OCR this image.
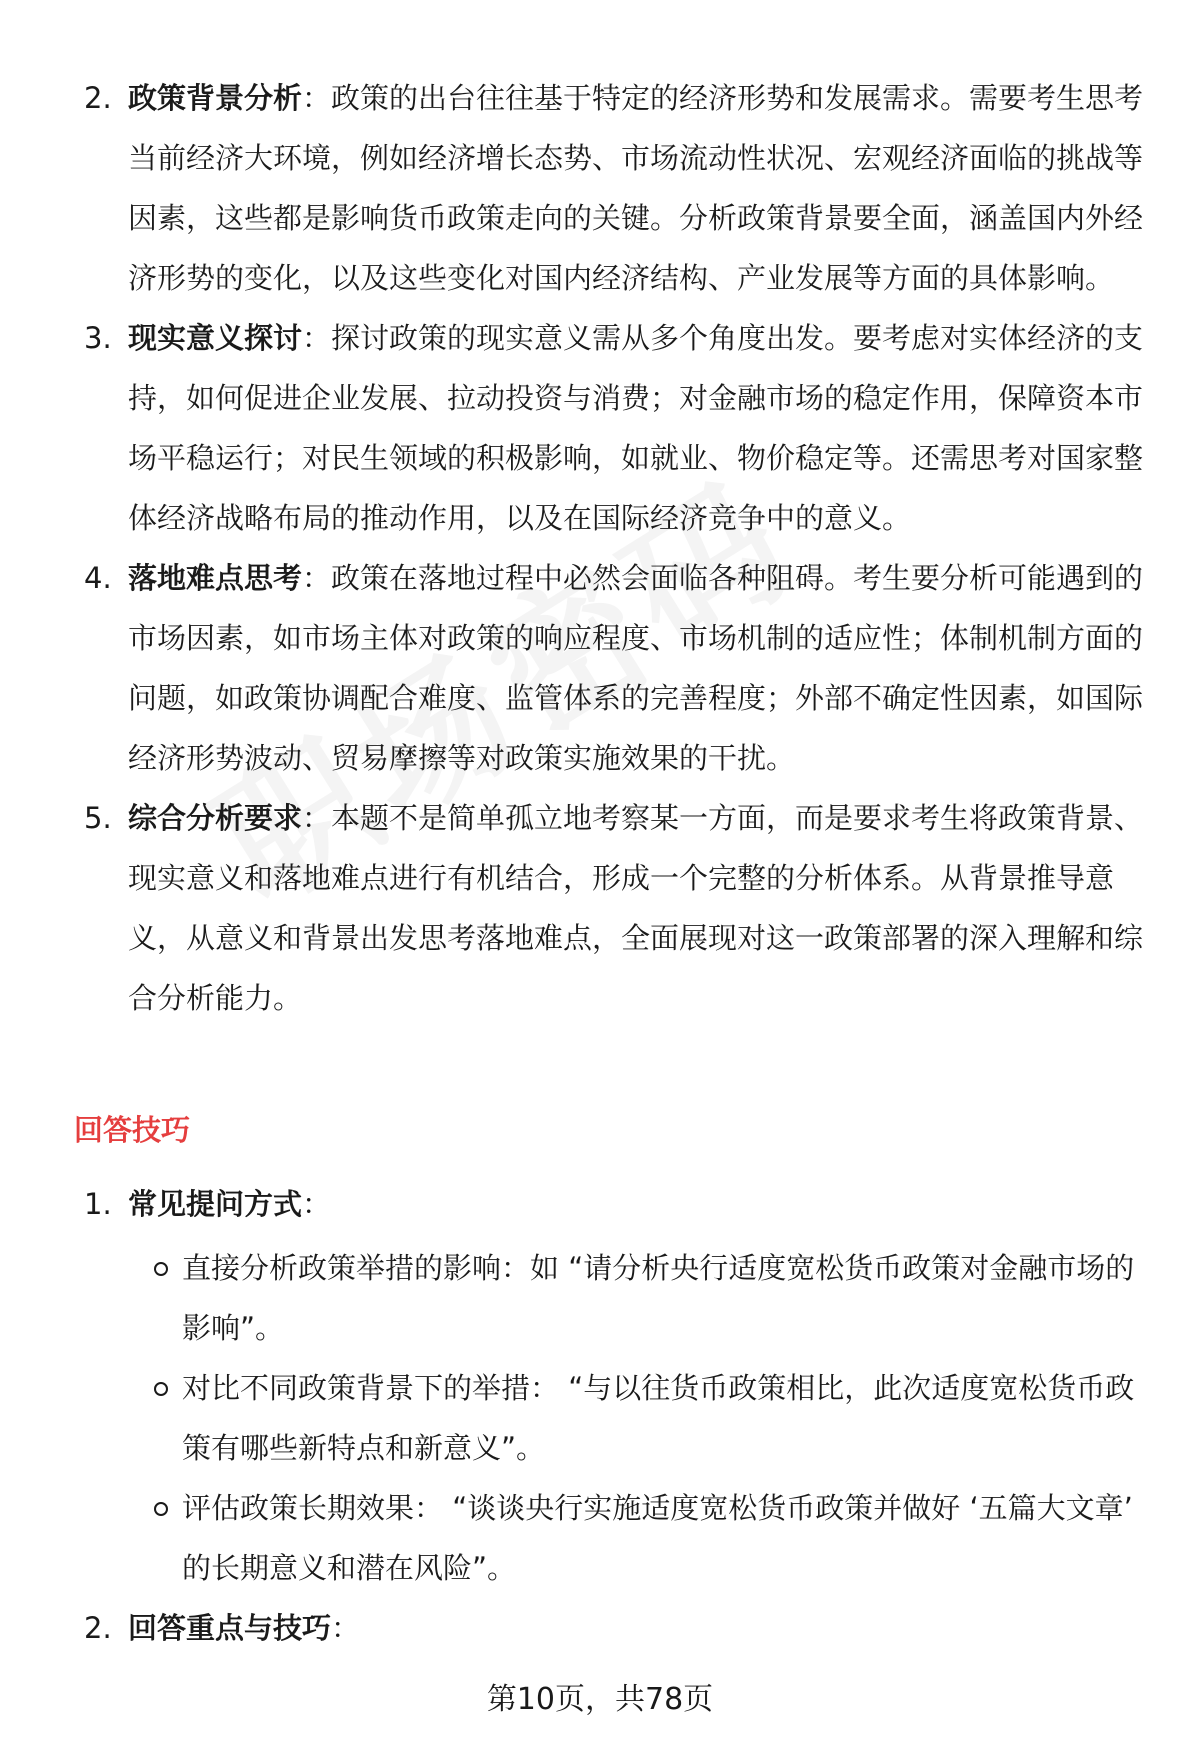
2. 政策背景分析：政策的出台往往基于特定的经济形势和发展需求。需要考生思考当前经济大环境，例如经济增长态势、市场流动性状况、宏观经济面临的挑战等因素，这些都是影响货币政策走向的关键。分析政策背景要全面，涵盖国内外经济形势的变化，以及这些变化对国内经济结构、产业发展等方面的具体影响。
3. 现实意义探讨：探讨政策的现实意义需从多个角度出发。要考虑对实体经济的支持，如何促进企业发展、拉动投资与消费；对金融市场的稳定作用，保障资本市场平稳运行；对民生领域的积极影响，如就业、物价稳定等。还需思考对国家整体经济战略布局的推动作用，以及在国际经济竞争中的意义。
4. 落地难点思考：政策在落地过程中必然会面临各种阻碍。考生要分析可能遇到的市场因素，如市场主体对政策的响应程度、市场机制的适应性；体制机制方面的问题，如政策协调配合难度、监管体系的完善程度；外部不确定性因素，如国际经济形势波动、贸易摩擦等对政策实施效果的干扰。
5. 综合分析要求：本题不是简单孤立地考察某一方面，而是要求考生将政策背景、现实意义和落地难点进行有机结合，形成一个完整的分析体系。从背景推导意义，从意义和背景出发思考落地难点，全面展现对这一政策部署的深入理解和综合分析能力。
回答技巧
1. 常见提问方式：
直接分析政策举措的影响：如 “请分析央行适度宽松货币政策对金融市场的影响”。
对比不同政策背景下的举措： “与以往货币政策相比，此次适度宽松货币政策有哪些新特点和新意义”。
评估政策长期效果： “谈谈央行实施适度宽松货币政策并做好 ‘五篇大文章’ 的长期意义和潜在风险”。
2. 回答重点与技巧：
第10页，共78页
